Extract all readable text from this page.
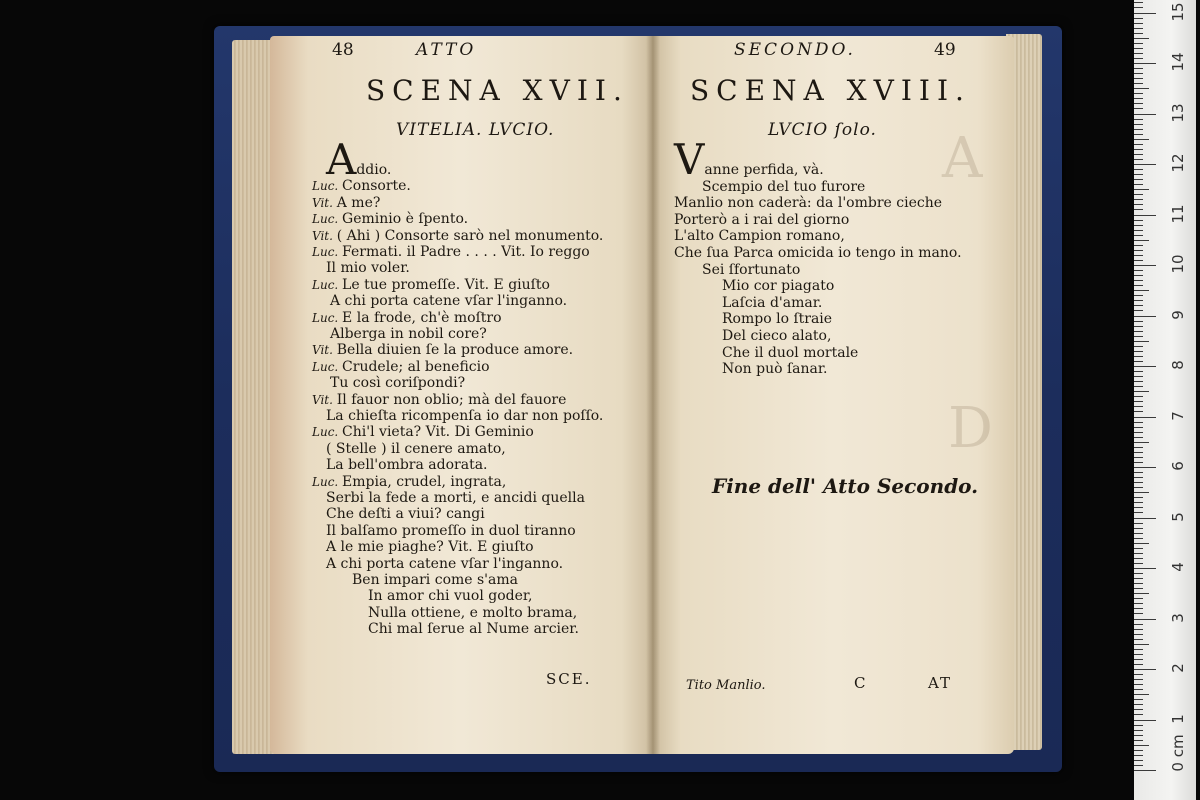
48	ATTO
SCENA XVII.
VITELIA. LVCIO.
Addio.
Luc. Consorte.
Vit. A me?
Luc. Geminio è ſpento.
Vit. ( Ahi ) Consorte sarò nel monumento.
Luc. Fermati. il Padre . . . . Vit. Io reggo
Il mio voler.
Luc. Le tue promeſſe. Vit. E giuſto
A chi porta catene vſar l'inganno.
Luc. E la frode, ch'è moſtro
Alberga in nobil core?
Vit. Bella diuien ſe la produce amore.
Luc. Crudele; al beneficio
Tu così coriſpondi?
Vit. Il fauor non oblio; mà del fauore
La chieſta ricompenſa io dar non poſſo.
Luc. Chi'l vieta? Vit. Di Geminio
( Stelle ) il cenere amato,
La bell'ombra adorata.
Luc. Empia, crudel, ingrata,
Serbi la fede a morti, e ancidi quella
Che deſti a viui? cangi
Il balſamo promeſſo in duol tiranno
A le mie piaghe? Vit. E giuſto
A chi porta catene vſar l'inganno.
Ben impari come s'ama
In amor chi vuol goder,
Nulla ottiene, e molto brama,
Chi mal ſerue al Nume arcier.
SCE.
A
D
SECONDO.	49
SCENA XVIII.
LVCIO ſolo.
Vanne perfida, và.
Scempio del tuo furore
Manlio non caderà: da l'ombre cieche
Porterò a i rai del giorno
L'alto Campion romano,
Che ſua Parca omicida io tengo in mano.
Sei ſfortunato
Mio cor piagato
Laſcia d'amar.
Rompo lo ſtraie
Del cieco alato,
Che il duol mortale
Non può ſanar.
Fine dell' Atto Secondo.
Tito Manlio.	C	AT
0 cm
1
2
3
4
5
6
7
8
9
10
11
12
13
14
15
